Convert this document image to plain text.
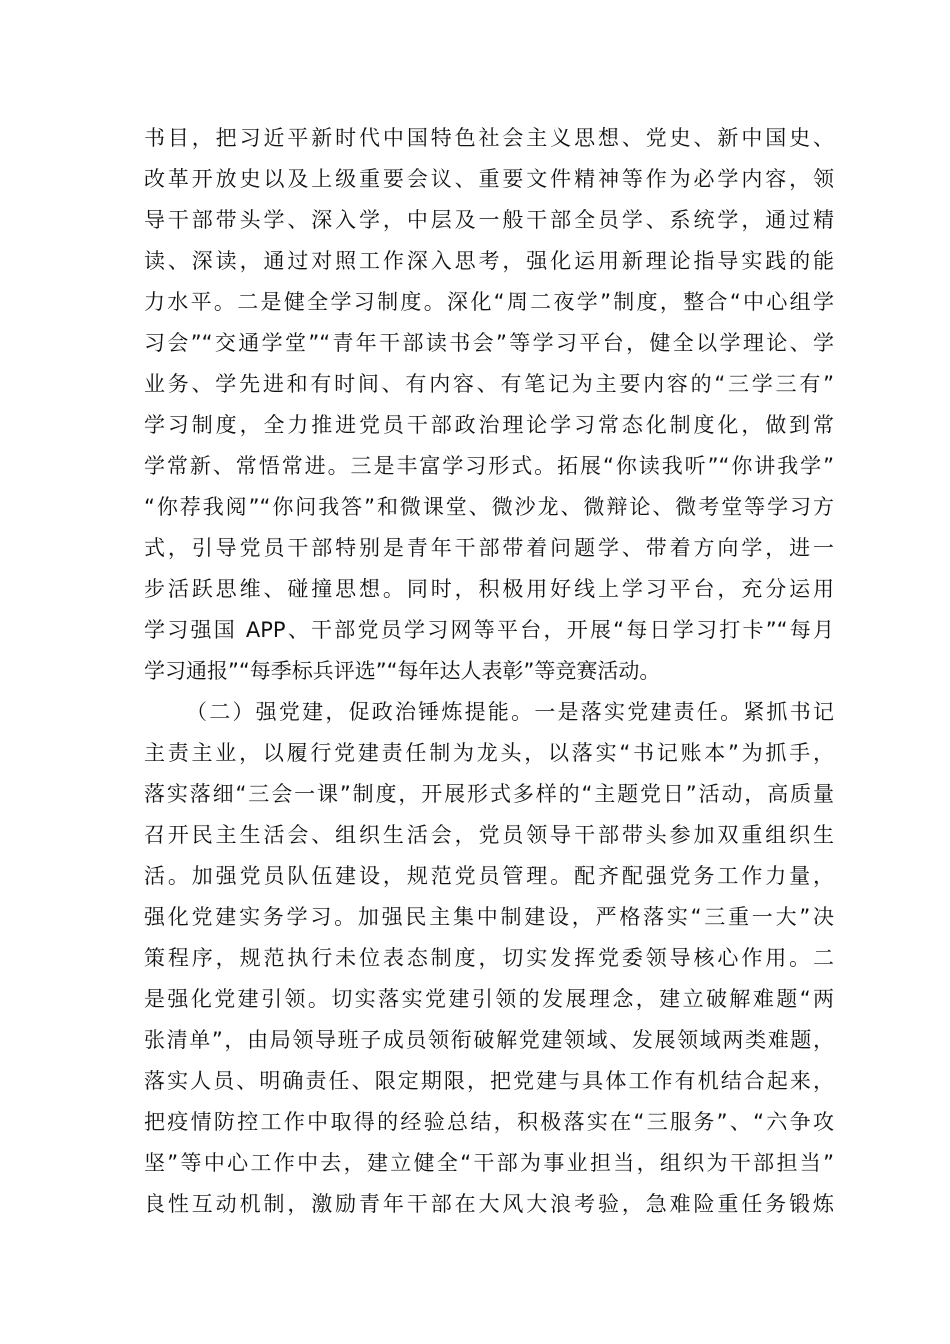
书目，把习近平新时代中国特色社会主义思想、党史、新中国史、
改革开放史以及上级重要会议、重要文件精神等作为必学内容，领
导干部带头学、深入学，中层及一般干部全员学、系统学，通过精
读、深读，通过对照工作深入思考，强化运用新理论指导实践的能
力水平。二是健全学习制度。深化“周二夜学”制度，整合“中心组学
习会”“交通学堂”“青年干部读书会”等学习平台，健全以学理论、学
业务、学先进和有时间、有内容、有笔记为主要内容的“三学三有”
学习制度，全力推进党员干部政治理论学习常态化制度化，做到常
学常新、常悟常进。三是丰富学习形式。拓展“你读我听”“你讲我学”
“你荐我阅”“你问我答”和微课堂、微沙龙、微辩论、微考堂等学习方
式，引导党员干部特别是青年干部带着问题学、带着方向学，进一
步活跃思维、碰撞思想。同时，积极用好线上学习平台，充分运用
学习强国 APP、干部党员学习网等平台，开展“每日学习打卡”“每月
学习通报”“每季标兵评选”“每年达人表彰”等竞赛活动。
（二）强党建，促政治锤炼提能。一是落实党建责任。紧抓书记
主责主业，以履行党建责任制为龙头，以落实“书记账本”为抓手，
落实落细“三会一课”制度，开展形式多样的“主题党日”活动，高质量
召开民主生活会、组织生活会，党员领导干部带头参加双重组织生
活。加强党员队伍建设，规范党员管理。配齐配强党务工作力量，
强化党建实务学习。加强民主集中制建设，严格落实“三重一大”决
策程序，规范执行未位表态制度，切实发挥党委领导核心作用。二
是强化党建引领。切实落实党建引领的发展理念，建立破解难题“两
张清单”，由局领导班子成员领衔破解党建领域、发展领域两类难题，
落实人员、明确责任、限定期限，把党建与具体工作有机结合起来，
把疫情防控工作中取得的经验总结，积极落实在“三服务”、“六争攻
坚”等中心工作中去，建立健全“干部为事业担当，组织为干部担当”
良性互动机制，激励青年干部在大风大浪考验，急难险重任务锻炼
